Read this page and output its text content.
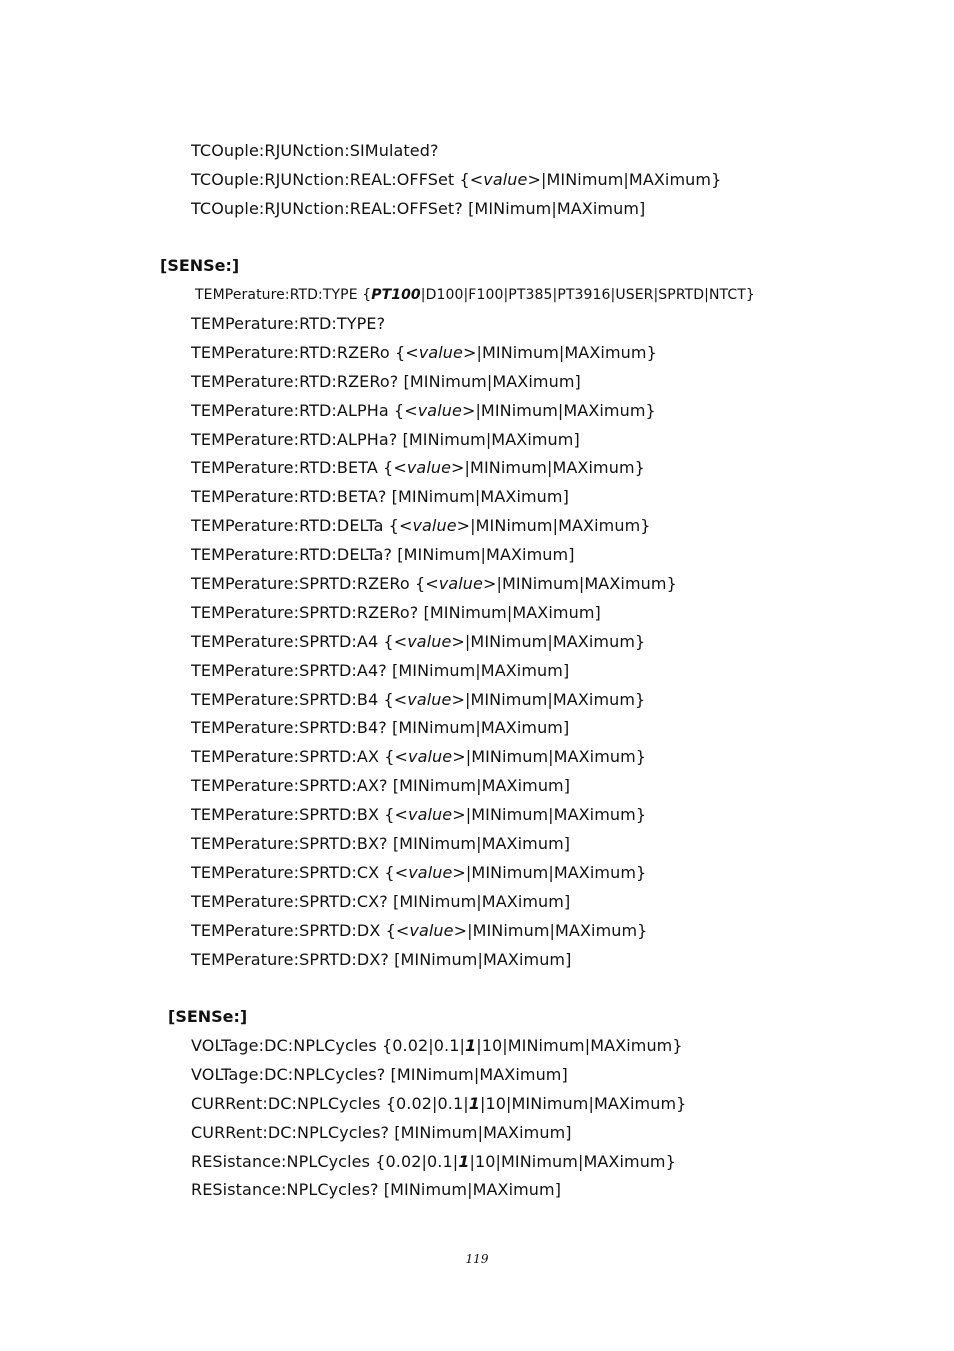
TCOuple:RJUNction:SIMulated?
TCOuple:RJUNction:REAL:OFFSet {<value>|MINimum|MAXimum}
TCOuple:RJUNction:REAL:OFFSet? [MINimum|MAXimum]
[SENSe:]
TEMPerature:RTD:TYPE {PT100|D100|F100|PT385|PT3916|USER|SPRTD|NTCT}
TEMPerature:RTD:TYPE?
TEMPerature:RTD:RZERo {<value>|MINimum|MAXimum}
TEMPerature:RTD:RZERo? [MINimum|MAXimum]
TEMPerature:RTD:ALPHa {<value>|MINimum|MAXimum}
TEMPerature:RTD:ALPHa? [MINimum|MAXimum]
TEMPerature:RTD:BETA {<value>|MINimum|MAXimum}
TEMPerature:RTD:BETA? [MINimum|MAXimum]
TEMPerature:RTD:DELTa {<value>|MINimum|MAXimum}
TEMPerature:RTD:DELTa? [MINimum|MAXimum]
TEMPerature:SPRTD:RZERo {<value>|MINimum|MAXimum}
TEMPerature:SPRTD:RZERo? [MINimum|MAXimum]
TEMPerature:SPRTD:A4 {<value>|MINimum|MAXimum}
TEMPerature:SPRTD:A4? [MINimum|MAXimum]
TEMPerature:SPRTD:B4 {<value>|MINimum|MAXimum}
TEMPerature:SPRTD:B4? [MINimum|MAXimum]
TEMPerature:SPRTD:AX {<value>|MINimum|MAXimum}
TEMPerature:SPRTD:AX? [MINimum|MAXimum]
TEMPerature:SPRTD:BX {<value>|MINimum|MAXimum}
TEMPerature:SPRTD:BX? [MINimum|MAXimum]
TEMPerature:SPRTD:CX {<value>|MINimum|MAXimum}
TEMPerature:SPRTD:CX? [MINimum|MAXimum]
TEMPerature:SPRTD:DX {<value>|MINimum|MAXimum}
TEMPerature:SPRTD:DX? [MINimum|MAXimum]
[SENSe:]
VOLTage:DC:NPLCycles {0.02|0.1|1|10|MINimum|MAXimum}
VOLTage:DC:NPLCycles? [MINimum|MAXimum]
CURRent:DC:NPLCycles {0.02|0.1|1|10|MINimum|MAXimum}
CURRent:DC:NPLCycles? [MINimum|MAXimum]
RESistance:NPLCycles {0.02|0.1|1|10|MINimum|MAXimum}
RESistance:NPLCycles? [MINimum|MAXimum]
119
